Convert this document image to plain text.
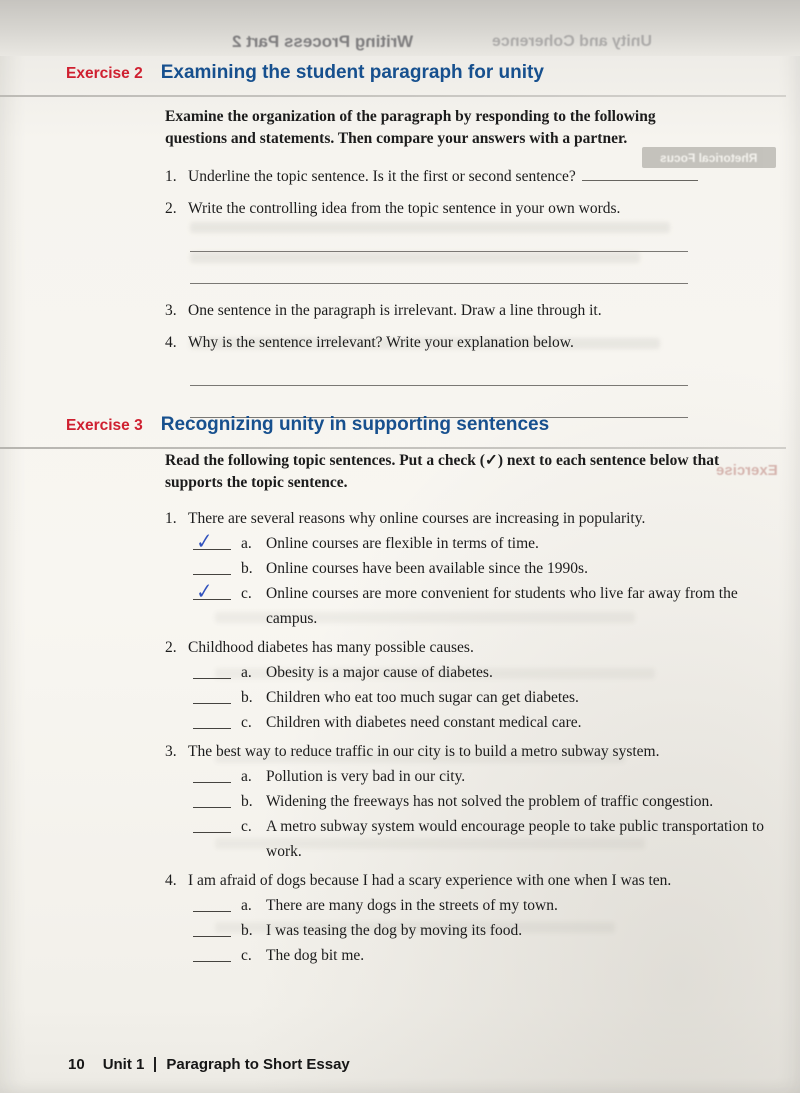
Writing Process Part 2	Unity and Coherence
Rhetorical Focus
Exercise
Exercise 2 Examining the student paragraph for unity

Examine the organization of the paragraph by responding to the following questions and statements. Then compare your answers with a partner.

1. Underline the topic sentence. Is it the first or second sentence?
2. Write the controlling idea from the topic sentence in your own words.
3. One sentence in the paragraph is irrelevant. Draw a line through it.
4. Why is the sentence irrelevant? Write your explanation below.
Exercise 3 Recognizing unity in supporting sentences

Read the following topic sentences. Put a check (✓) next to each sentence below that supports the topic sentence.

1. There are several reasons why online courses are increasing in popularity.
✓ a. Online courses are flexible in terms of time.
b. Online courses have been available since the 1990s.
✓ c. Online courses are more convenient for students who live far away from the campus.
2. Childhood diabetes has many possible causes.
a. Obesity is a major cause of diabetes.
b. Children who eat too much sugar can get diabetes.
c. Children with diabetes need constant medical care.
3. The best way to reduce traffic in our city is to build a metro subway system.
a. Pollution is very bad in our city.
b. Widening the freeways has not solved the problem of traffic congestion.
c. A metro subway system would encourage people to take public transportation to work.
4. I am afraid of dogs because I had a scary experience with one when I was ten.
a. There are many dogs in the streets of my town.
b. I was teasing the dog by moving its food.
c. The dog bit me.
10 Unit 1 Paragraph to Short Essay
